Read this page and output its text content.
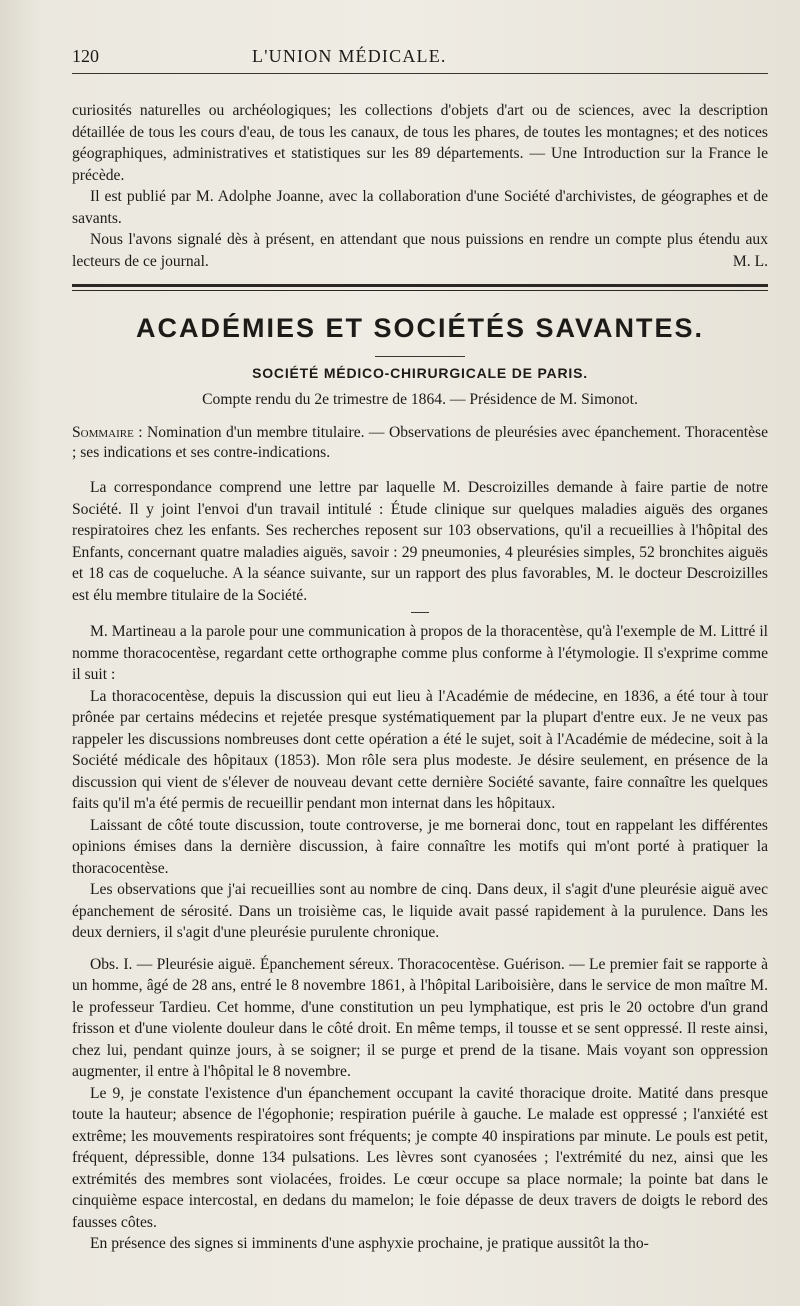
120	L'UNION MÉDICALE.

curiosités naturelles ou archéologiques; les collections d'objets d'art ou de sciences, avec la description détaillée de tous les cours d'eau, de tous les canaux, de tous les phares, de toutes les montagnes; et des notices géographiques, administratives et statistiques sur les 89 départements. — Une Introduction sur la France le précède.

Il est publié par M. Adolphe Joanne, avec la collaboration d'une Société d'archivistes, de géographes et de savants.

Nous l'avons signalé dès à présent, en attendant que nous puissions en rendre un compte plus étendu aux lecteurs de ce journal.	M. L.

ACADÉMIES ET SOCIÉTÉS SAVANTES.
SOCIÉTÉ MÉDICO-CHIRURGICALE DE PARIS.
Compte rendu du 2e trimestre de 1864. — Présidence de M. Simonot.
Sommaire : Nomination d'un membre titulaire. — Observations de pleurésies avec épanchement. Thoracentèse ; ses indications et ses contre-indications.

La correspondance comprend une lettre par laquelle M. Descroizilles demande à faire partie de notre Société. Il y joint l'envoi d'un travail intitulé : Étude clinique sur quelques maladies aiguës des organes respiratoires chez les enfants. Ses recherches reposent sur 103 observations, qu'il a recueillies à l'hôpital des Enfants, concernant quatre maladies aiguës, savoir : 29 pneumonies, 4 pleurésies simples, 52 bronchites aiguës et 18 cas de coqueluche. A la séance suivante, sur un rapport des plus favorables, M. le docteur Descroizilles est élu membre titulaire de la Société.

M. Martineau a la parole pour une communication à propos de la thoracentèse, qu'à l'exemple de M. Littré il nomme thoracocentèse, regardant cette orthographe comme plus conforme à l'étymologie. Il s'exprime comme il suit :

La thoracocentèse, depuis la discussion qui eut lieu à l'Académie de médecine, en 1836, a été tour à tour prônée par certains médecins et rejetée presque systématiquement par la plupart d'entre eux. Je ne veux pas rappeler les discussions nombreuses dont cette opération a été le sujet, soit à l'Académie de médecine, soit à la Société médicale des hôpitaux (1853). Mon rôle sera plus modeste. Je désire seulement, en présence de la discussion qui vient de s'élever de nouveau devant cette dernière Société savante, faire connaître les quelques faits qu'il m'a été permis de recueillir pendant mon internat dans les hôpitaux.

Laissant de côté toute discussion, toute controverse, je me bornerai donc, tout en rappelant les différentes opinions émises dans la dernière discussion, à faire connaître les motifs qui m'ont porté à pratiquer la thoracocentèse.

Les observations que j'ai recueillies sont au nombre de cinq. Dans deux, il s'agit d'une pleurésie aiguë avec épanchement de sérosité. Dans un troisième cas, le liquide avait passé rapidement à la purulence. Dans les deux derniers, il s'agit d'une pleurésie purulente chronique.

Obs. I. — Pleurésie aiguë. Épanchement séreux. Thoracocentèse. Guérison. — Le premier fait se rapporte à un homme, âgé de 28 ans, entré le 8 novembre 1861, à l'hôpital Lariboisière, dans le service de mon maître M. le professeur Tardieu. Cet homme, d'une constitution un peu lymphatique, est pris le 20 octobre d'un grand frisson et d'une violente douleur dans le côté droit. En même temps, il tousse et se sent oppressé. Il reste ainsi, chez lui, pendant quinze jours, à se soigner; il se purge et prend de la tisane. Mais voyant son oppression augmenter, il entre à l'hôpital le 8 novembre.

Le 9, je constate l'existence d'un épanchement occupant la cavité thoracique droite. Matité dans presque toute la hauteur; absence de l'égophonie; respiration puérile à gauche. Le malade est oppressé ; l'anxiété est extrême; les mouvements respiratoires sont fréquents; je compte 40 inspirations par minute. Le pouls est petit, fréquent, dépressible, donne 134 pulsations. Les lèvres sont cyanosées ; l'extrémité du nez, ainsi que les extrémités des membres sont violacées, froides. Le cœur occupe sa place normale; la pointe bat dans le cinquième espace intercostal, en dedans du mamelon; le foie dépasse de deux travers de doigts le rebord des fausses côtes.

En présence des signes si imminents d'une asphyxie prochaine, je pratique aussitôt la tho-
